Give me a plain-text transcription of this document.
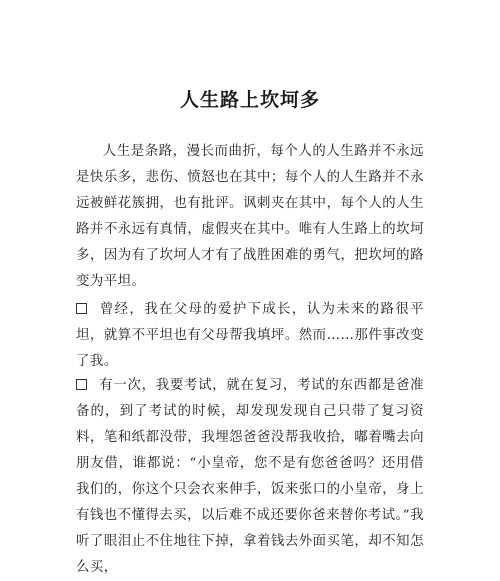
人生路上坎坷多

人生是条路，漫长而曲折，每个人的人生路并不永远是快乐多，悲伤、愤怒也在其中；每个人的人生路并不永远被鲜花簇拥，也有批评。讽刺夹在其中，每个人的人生路并不永远有真情，虚假夹在其中。唯有人生路上的坎坷多，因为有了坎坷人才有了战胜困难的勇气，把坎坷的路变为平坦。

曾经，我在父母的爱护下成长，认为未来的路很平坦，就算不平坦也有父母帮我填坪。然而……那件事改变了我。

有一次，我要考试，就在复习，考试的东西都是爸准备的，到了考试的时候，却发现发现自己只带了复习资料，笔和纸都没带，我埋怨爸爸没帮我收拾，嘟着嘴去向朋友借，谁都说：“小皇帝，您不是有您爸爸吗？还用借我们的，你这个只会衣来伸手，饭来张口的小皇帝，身上有钱也不懂得去买，以后难不成还要你爸来替你考试。”我听了眼泪止不住地往下掉，拿着钱去外面买笔，却不知怎么买，
